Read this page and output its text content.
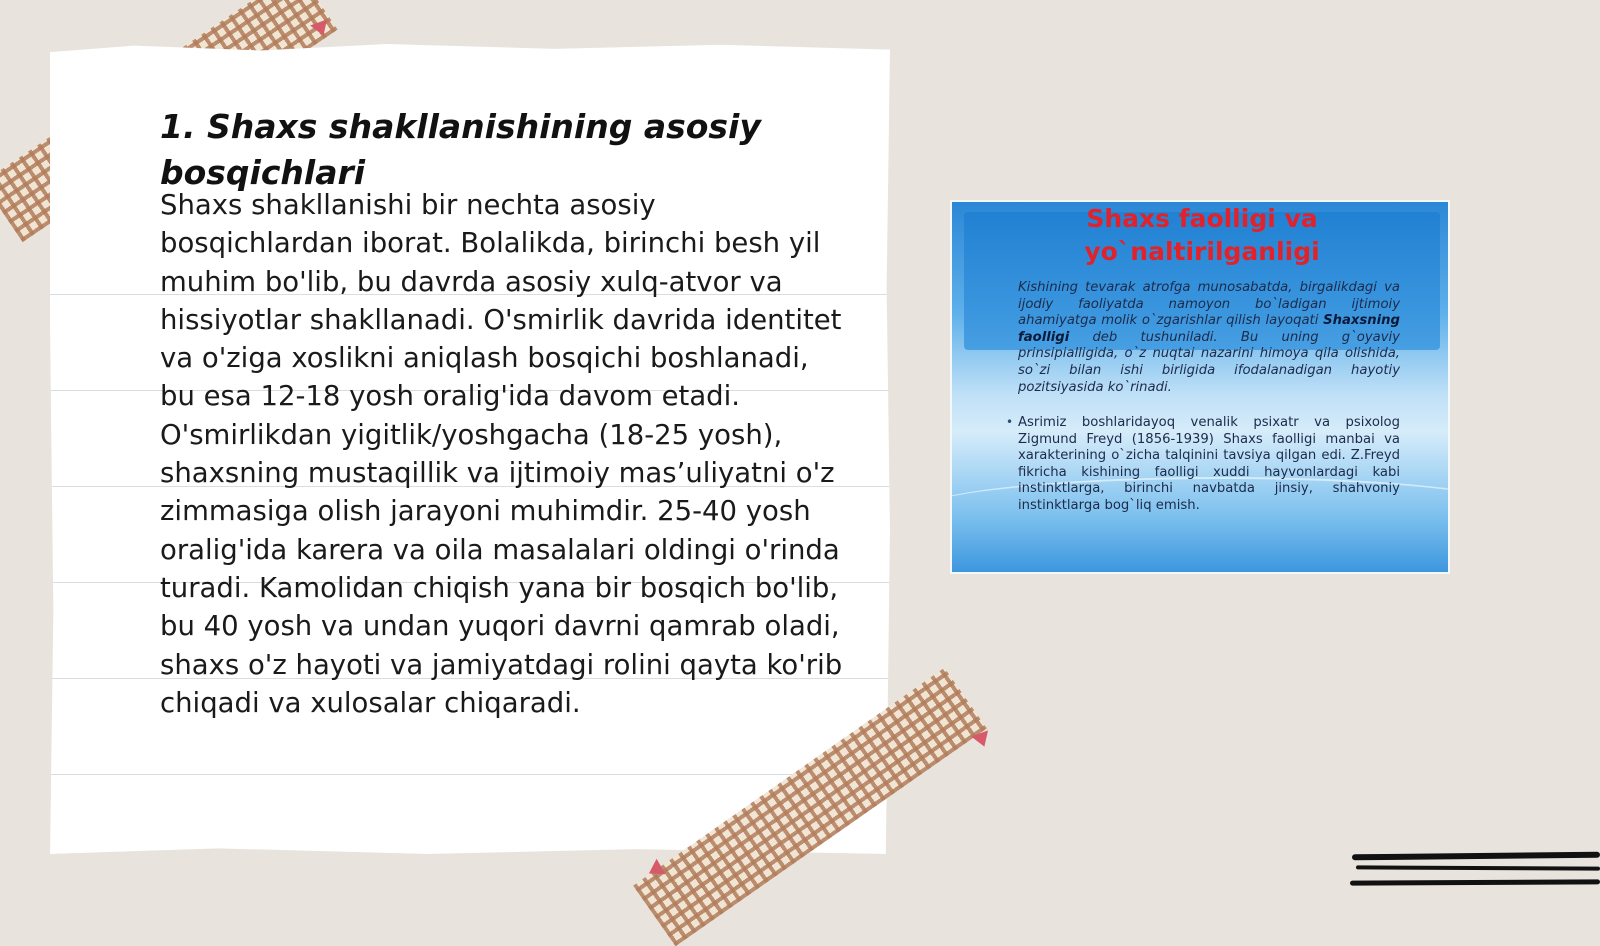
1. Shaxs shakllanishining asosiy bosqichlari

Shaxs shakllanishi bir nechta asosiy bosqichlardan iborat. Bolalikda, birinchi besh yil muhim bo'lib, bu davrda asosiy xulq-atvor va hissiyotlar shakllanadi. O'smirlik davrida identitet va o'ziga xoslikni aniqlash bosqichi boshlanadi, bu esa 12-18 yosh oralig'ida davom etadi. O'smirlikdan yigitlik/yoshgacha (18-25 yosh), shaxsning mustaqillik va ijtimoiy mas’uliyatni o'z zimmasiga olish jarayoni muhimdir. 25-40 yosh oralig'ida karera va oila masalalari oldingi o'rinda turadi. Kamolidan chiqish yana bir bosqich bo'lib, bu 40 yosh va undan yuqori davrni qamrab oladi, shaxs o'z hayoti va jamiyatdagi rolini qayta ko'rib chiqadi va xulosalar chiqaradi.

Shaxs faolligi va
yo`naltirilganligi

Kishining tevarak atrofga munosabatda, birgalikdagi va ijodiy faoliyatda namoyon bo`ladigan ijtimoiy ahamiyatga molik o`zgarishlar qilish layoqati Shaxsning faolligi deb tushuniladi. Bu uning g`oyaviy prinsipialligida, o`z nuqtai nazarini himoya qila olishida, so`zi bilan ishi birligida ifodalanadigan hayotiy pozitsiyasida ko`rinadi.

• Asrimiz boshlaridayoq venalik psixatr va psixolog Zigmund Freyd (1856-1939) Shaxs faolligi manbai va xarakterining o`zicha talqinini tavsiya qilgan edi. Z.Freyd fikricha kishining faolligi xuddi hayvonlardagi kabi instinktlarga, birinchi navbatda jinsiy, shahvoniy instinktlarga bog`liq emish.
